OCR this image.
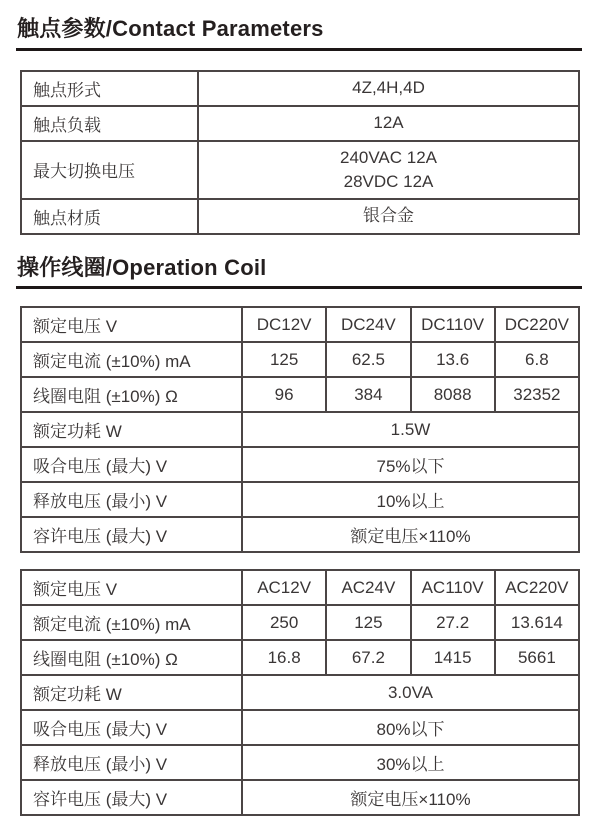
触点参数/Contact Parameters
触点形式	4Z,4H,4D

触点负载	12A

最大切换电压	240VAC 12A
28VDC 12A

触点材质	银合金
操作线圈/Operation Coil
额定电压 V	DC12V	DC24V	DC110V	DC220V
额定电流 (±10%) mA	125	62.5	13.6	6.8
线圈电阻 (±10%) Ω	96	384	8088	32352
额定功耗 W	1.5W			
吸合电压 (最大) V	75%以下			
释放电压 (最小) V	10%以上			
容许电压 (最大) V	额定电压×110%			
额定电压 V	AC12V	AC24V	AC110V	AC220V
额定电流 (±10%) mA	250	125	27.2	13.614
线圈电阻 (±10%) Ω	16.8	67.2	1415	5661
额定功耗 W	3.0VA			
吸合电压 (最大) V	80%以下			
释放电压 (最小) V	30%以上			
容许电压 (最大) V	额定电压×110%			
